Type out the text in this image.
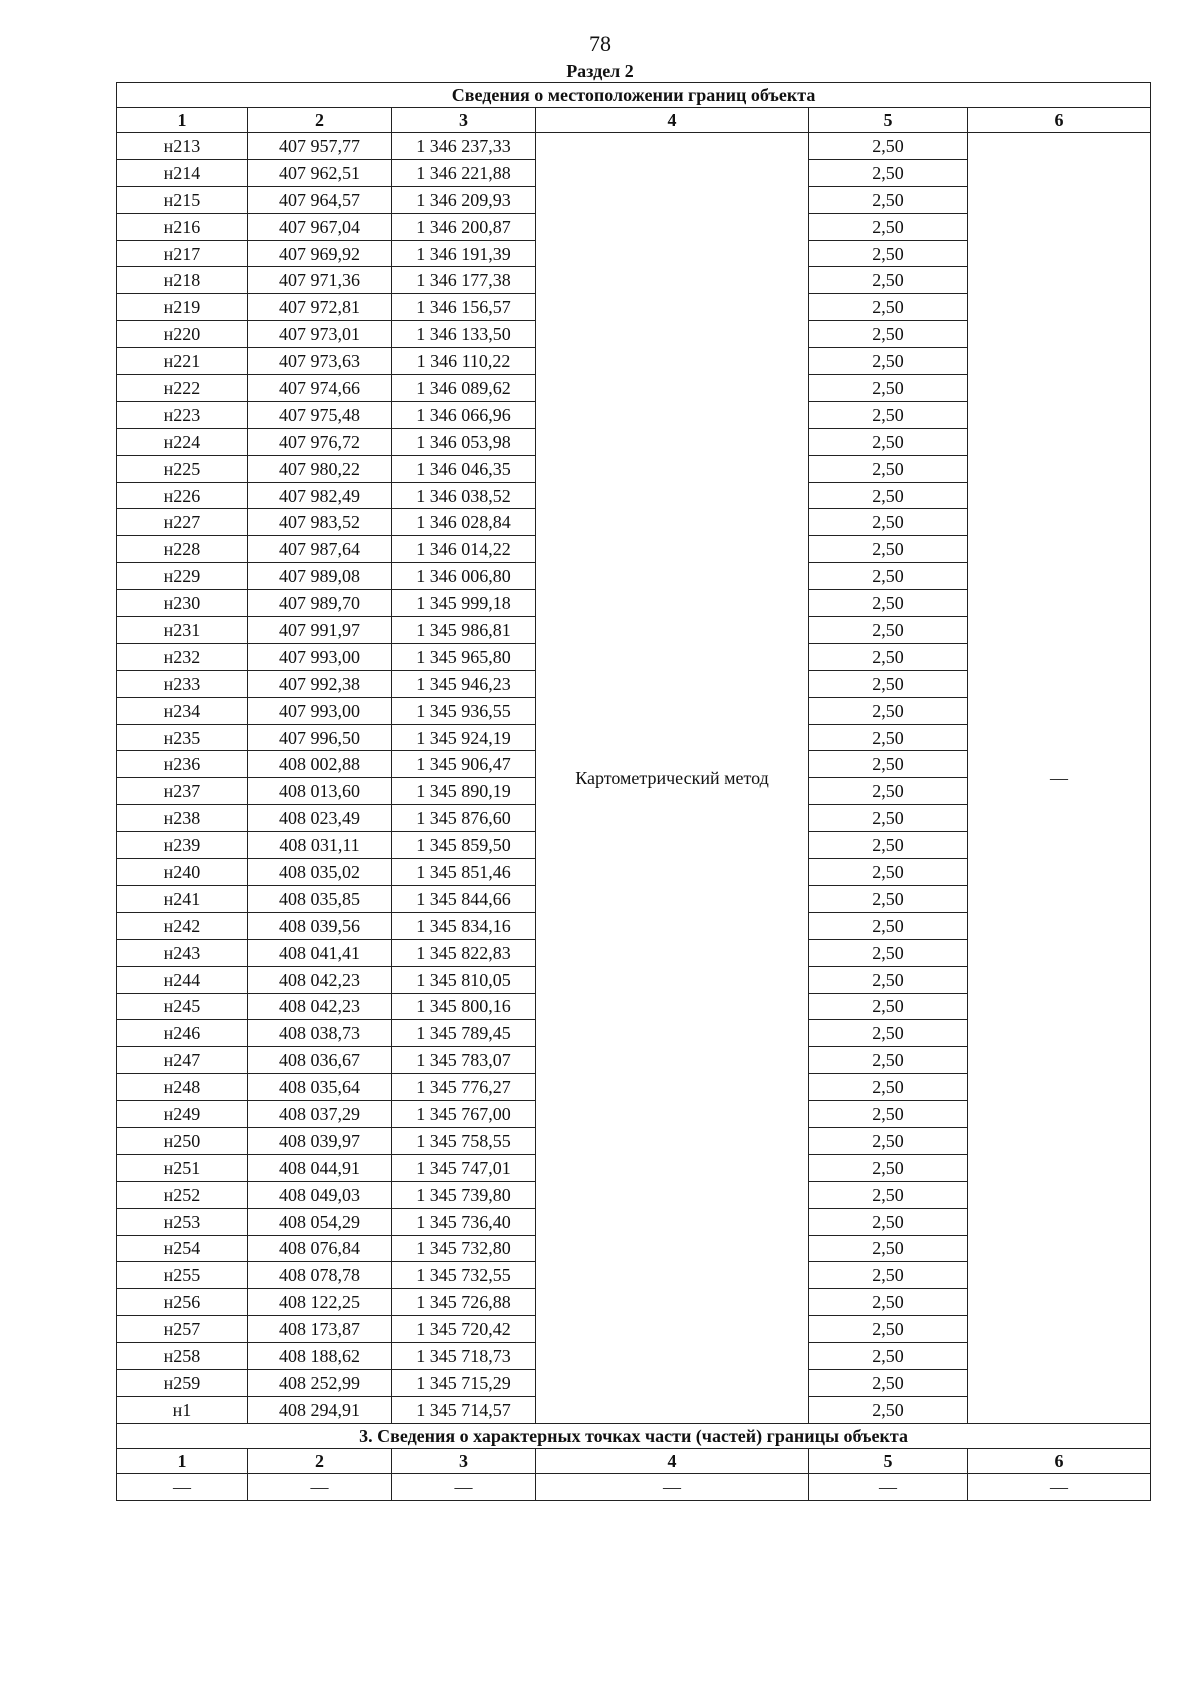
78
Раздел 2
Сведения о местоположении границ объекта					
1	2	3	4	5	6
н213	407 957,77	1 346 237,33	Картометрический метод	2,50	—
н214	407 962,51	1 346 221,88		2,50	
н215	407 964,57	1 346 209,93		2,50	
н216	407 967,04	1 346 200,87		2,50	
н217	407 969,92	1 346 191,39		2,50	
н218	407 971,36	1 346 177,38		2,50	
н219	407 972,81	1 346 156,57		2,50	
н220	407 973,01	1 346 133,50		2,50	
н221	407 973,63	1 346 110,22		2,50	
н222	407 974,66	1 346 089,62		2,50	
н223	407 975,48	1 346 066,96		2,50	
н224	407 976,72	1 346 053,98		2,50	
н225	407 980,22	1 346 046,35		2,50	
н226	407 982,49	1 346 038,52		2,50	
н227	407 983,52	1 346 028,84		2,50	
н228	407 987,64	1 346 014,22		2,50	
н229	407 989,08	1 346 006,80		2,50	
н230	407 989,70	1 345 999,18		2,50	
н231	407 991,97	1 345 986,81		2,50	
н232	407 993,00	1 345 965,80		2,50	
н233	407 992,38	1 345 946,23		2,50	
н234	407 993,00	1 345 936,55		2,50	
н235	407 996,50	1 345 924,19		2,50	
н236	408 002,88	1 345 906,47		2,50	
н237	408 013,60	1 345 890,19		2,50	
н238	408 023,49	1 345 876,60		2,50	
н239	408 031,11	1 345 859,50		2,50	
н240	408 035,02	1 345 851,46		2,50	
н241	408 035,85	1 345 844,66		2,50	
н242	408 039,56	1 345 834,16		2,50	
н243	408 041,41	1 345 822,83		2,50	
н244	408 042,23	1 345 810,05		2,50	
н245	408 042,23	1 345 800,16		2,50	
н246	408 038,73	1 345 789,45		2,50	
н247	408 036,67	1 345 783,07		2,50	
н248	408 035,64	1 345 776,27		2,50	
н249	408 037,29	1 345 767,00		2,50	
н250	408 039,97	1 345 758,55		2,50	
н251	408 044,91	1 345 747,01		2,50	
н252	408 049,03	1 345 739,80		2,50	
н253	408 054,29	1 345 736,40		2,50	
н254	408 076,84	1 345 732,80		2,50	
н255	408 078,78	1 345 732,55		2,50	
н256	408 122,25	1 345 726,88		2,50	
н257	408 173,87	1 345 720,42		2,50	
н258	408 188,62	1 345 718,73		2,50	
н259	408 252,99	1 345 715,29		2,50	
н1	408 294,91	1 345 714,57		2,50	
3. Сведения о характерных точках части (частей) границы объекта					
1	2	3	4	5	6
—	—	—	—	—	—
